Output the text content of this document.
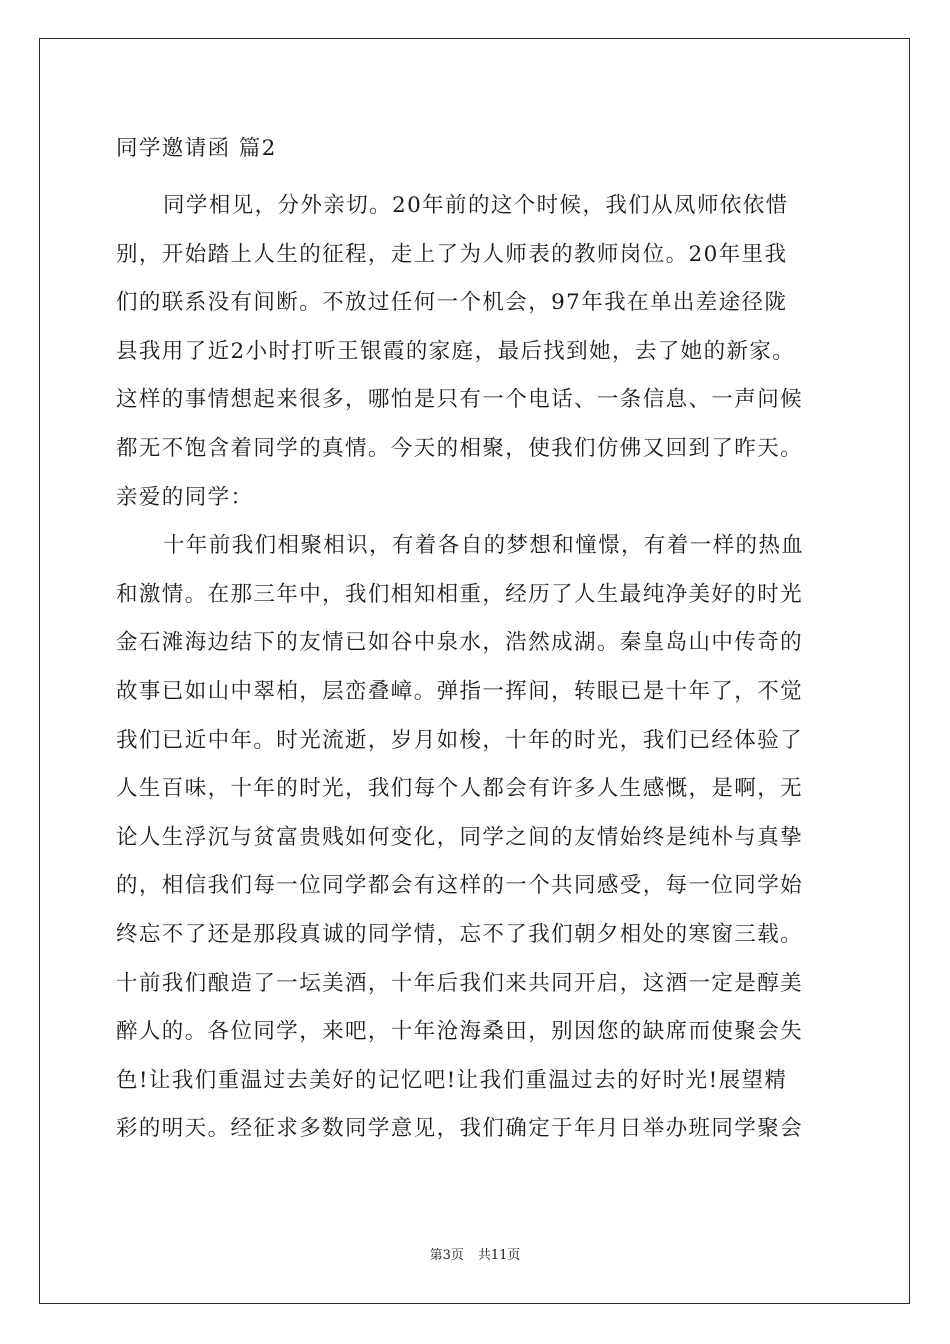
同学邀请函 篇2
同学相见，分外亲切。20年前的这个时候，我们从凤师依依惜
别，开始踏上人生的征程，走上了为人师表的教师岗位。20年里我
们的联系没有间断。不放过任何一个机会，97年我在单出差途径陇
县我用了近2小时打听王银霞的家庭，最后找到她，去了她的新家。
这样的事情想起来很多，哪怕是只有一个电话、一条信息、一声问候
都无不饱含着同学的真情。今天的相聚，使我们仿佛又回到了昨天。
亲爱的同学：
十年前我们相聚相识，有着各自的梦想和憧憬，有着一样的热血
和激情。在那三年中，我们相知相重，经历了人生最纯净美好的时光
金石滩海边结下的友情已如谷中泉水，浩然成湖。秦皇岛山中传奇的
故事已如山中翠柏，层峦叠嶂。弹指一挥间，转眼已是十年了，不觉
我们已近中年。时光流逝，岁月如梭，十年的时光，我们已经体验了
人生百味，十年的时光，我们每个人都会有许多人生感慨，是啊，无
论人生浮沉与贫富贵贱如何变化，同学之间的友情始终是纯朴与真挚
的，相信我们每一位同学都会有这样的一个共同感受，每一位同学始
终忘不了还是那段真诚的同学情，忘不了我们朝夕相处的寒窗三载。
十前我们酿造了一坛美酒，十年后我们来共同开启，这酒一定是醇美
醉人的。各位同学，来吧，十年沧海桑田，别因您的缺席而使聚会失
色!让我们重温过去美好的记忆吧!让我们重温过去的好时光!展望精
彩的明天。经征求多数同学意见，我们确定于年月日举办班同学聚会
第3页 共11页
